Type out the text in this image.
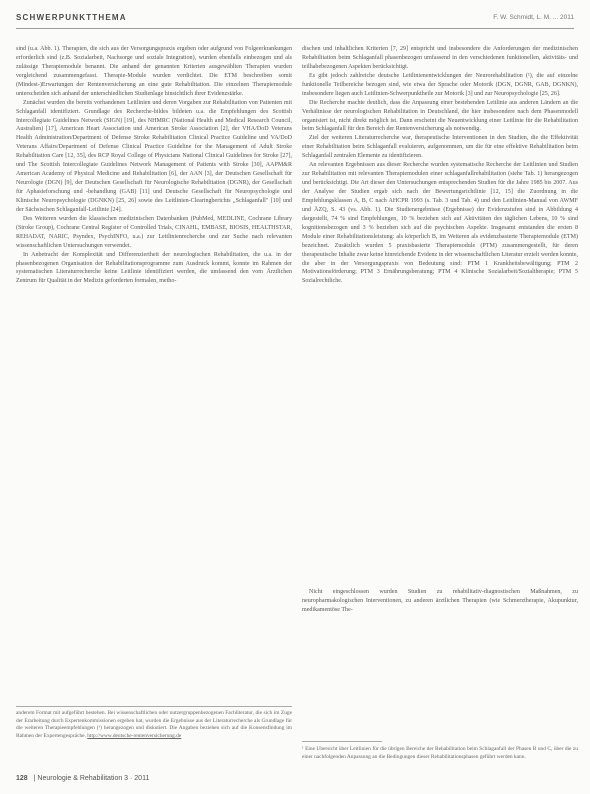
SCHWERPUNKTTHEMA	F. W. Schmidt, L. M. ... 2011

sind (u.a. Abb. 1). Therapien, die sich aus der Versorgungspraxis ergeben oder aufgrund von Folgeerkrankungen erforderlich sind (z.B. Sozialarbeit, Nachsorge und soziale Integration), wurden ebenfalls einbezogen und als zulässige Therapiemodule benannt. Die anhand der genannten Kriterien ausgewählten Therapien wurden vergleichend zusammengefasst. Therapie-Module wurden verdichtet. Die ETM beschreiben somit (Mindest-)Erwartungen der Rentenversicherung an eine gute Rehabilitation. Die einzelnen Therapiemodule unterscheiden sich anhand der unterschiedlichen Studienlage hinsichtlich ihrer Evidenzstärke.

Zunächst wurden die bereits vorhandenen Leitlinien und deren Vorgaben zur Rehabilitation von Patienten mit Schlaganfall identifiziert. Grundlage des Recherche-bildes bildeten u.a. die Empfehlungen des Scottish Intercollegiate Guidelines Network (SIGN) [19], des NHMRC (National Health and Medical Research Council, Australien) [17], American Heart Association und American Stroke Association [2], der VHA/DoD Veterans Health Administration/Department of Defense Stroke Rehabilitation Clinical Practice Guideline und VA/DoD Veterans Affairs/Department of Defense Clinical Practice Guideline for the Management of Adult Stroke Rehabilitation Care [12, 35], des RCP Royal College of Physicians National Clinical Guidelines for Stroke [27], und The Scottish Intercollegiate Guidelines Network Management of Patients with Stroke [30], AAPM&R American Academy of Physical Medicine and Rehabilitation [6], der AAN [3], der Deutschen Gesellschaft für Neurologie (DGN) [9], der Deutschen Gesellschaft für Neurologische Rehabilitation (DGNR), der Gesellschaft für Aphasieforschung und -behandlung (GAB) [11] und Deutsche Gesellschaft für Neuropsychologie und Klinische Neuropsychologie (DGNKN) [25, 26] sowie des Leitlinien-Clearingberichts „Schlaganfall" [10] und der Sächsischen Schlaganfall-Leitlinie [24].

Des Weiteren wurden die klassischen medizinischen Datenbanken (PubMed, MEDLINE, Cochrane Library (Stroke Group), Cochrane Central Register of Controlled Trials, CINAHL, EMBASE, BIOSIS, HEALTHSTAR, REHADAT, NARIC, Psyndex, PsychINFO, u.a.) zur Leitlinienrecherche und zur Suche nach relevanten wissenschaftlichen Untersuchungen verwendet.

In Anbetracht der Komplexität und Differenziertheit der neurologischen Rehabilitation, die u.a. in der phasenbezogenen Organisation der Rehabilitationsprogramme zum Ausdruck kommt, konnte im Rahmen der systematischen Literaturrecherche keine Leitlinie identifiziert werden, die umfassend den vom Ärztlichen Zentrum für Qualität in der Medizin geforderten formalen, metho-

dischen und inhaltlichen Kriterien [7, 29] entspricht und insbesondere die Anforderungen der medizinischen Rehabilitation beim Schlaganfall phasenbezogen umfassend in den verschiedenen funktionellen, aktivitäts- und teilhabebezogenen Aspekten berücksichtigt.

Es gibt jedoch zahlreiche deutsche Leitlinienentwicklungen der Neurorehabilitation (¹), die auf einzelne funktionelle Teilbereiche bezogen sind, wie etwa der Sprache oder Motorik (DGN, DGNR, GAB, DGNKN), insbesondere liegen auch Leitlinien-Schwerpunktheile zur Motorik [3] und zur Neuropsychologie [25, 26].

Die Recherche machte deutlich, dass die Anpassung einer bestehenden Leitlinie aus anderen Ländern an die Verhältnisse der neurologischen Rehabilitation in Deutschland, die hier insbesondere nach dem Phasenmodell organisiert ist, nicht direkt möglich ist. Dann erscheint die Neuentwicklung einer Leitlinie für die Rehabilitation beim Schlaganfall für den Bereich der Rentenversicherung als notwendig.

Ziel der weiteren Literaturrecherche war, therapeutische Interventionen in den Studien, die die Effektivität einer Rehabilitation beim Schlaganfall evaluieren, aufgenommen, um die für eine effektive Rehabilitation beim Schlaganfall zentralen Elemente zu identifizieren.

An relevanten Ergebnissen aus dieser Recherche wurden systematische Recherche der Leitlinien und Studien zur Rehabilitation mit relevanten Therapiemodulen einer schlaganfallrehabilitation (siehe Tab. 1) herangezogen und berücksichtigt. Die Art dieser den Untersuchungen entsprechenden Studien für die Jahre 1985 bis 2007. Aus der Analyse der Studien ergab sich nach der Bewertungsrichtlinie [12, 15] die Zuordnung in die Empfehlungsklassen A, B, C nach AHCPR 1993 (s. Tab. 3 und Tab. 4) und den Leitlinien-Manual von AWMF und ÄZQ, S. 43 (vs. Abb. 1). Die Studienergebnisse (Ergebnisse) der Evidenzstufen sind in Abbildung 4 dargestellt, 74 % sind Empfehlungen, 10 % beziehen sich auf Aktivitäten des täglichen Lebens, 10 % sind kognitionsbezogen und 3 % beziehen sich auf die psychischen Aspekte. Insgesamt entstanden die ersten 8 Module einer Rehabilitationsleistung: als körperlich B, im Weiteren als evidenzbasierte Therapiemodule (ETM) bezeichnet. Zusätzlich wurden 5 praxisbasierte Therapiemodule (PTM) zusammengestellt, für deren therapeutische Inhalte zwar keine hinreichende Evidenz in der wissenschaftlichen Literatur erzielt werden konnte, die aber in der Versorgungspraxis von Bedeutung sind: PTM 1 Krankheitsbewältigung; PTM 2 Motivationsförderung; PTM 3 Ernährungsberatung; PTM 4 Klinische Sozialarbeit/Sozialtherapie; PTM 5 Sozialrechtliche.

Nicht eingeschlossen wurden Studien zu rehabilitativ-diagnostischen Maßnahmen, zu neuropharmakologischen Interventionen, zu anderen ärztlichen Therapien (wie Schmerztherapie, Akupunktur, medikamentöse The-

anderem Format mit aufgeführt bestehen. Bei wissenschaftlichen oder nutzergruppenbezogenen Fachliteratur, die sich im Zuge der Erarbeitung durch Expertenkommissionen ergeben hat, wurden die Ergebnisse aus der Literaturrecherche als Grundlage für die weiteren Therapieempfehlungen (¹) herangezogen und diskutiert. Die Angaben beziehen sich auf die Konsensfindung im Rahmen der Expertengespräche. http://www.deutsche-rentenversicherung.de
¹ Eine Übersicht über Leitlinien für die übrigen Bereiche der Rehabilitation beim Schlaganfall der Phasen B und C, über die zu einer nachfolgenden Anpassung an die Bedingungen dieser Rehabilitationsphasen geführt werden kann.
128 | Neurologie & Rehabilitation 3 · 2011
